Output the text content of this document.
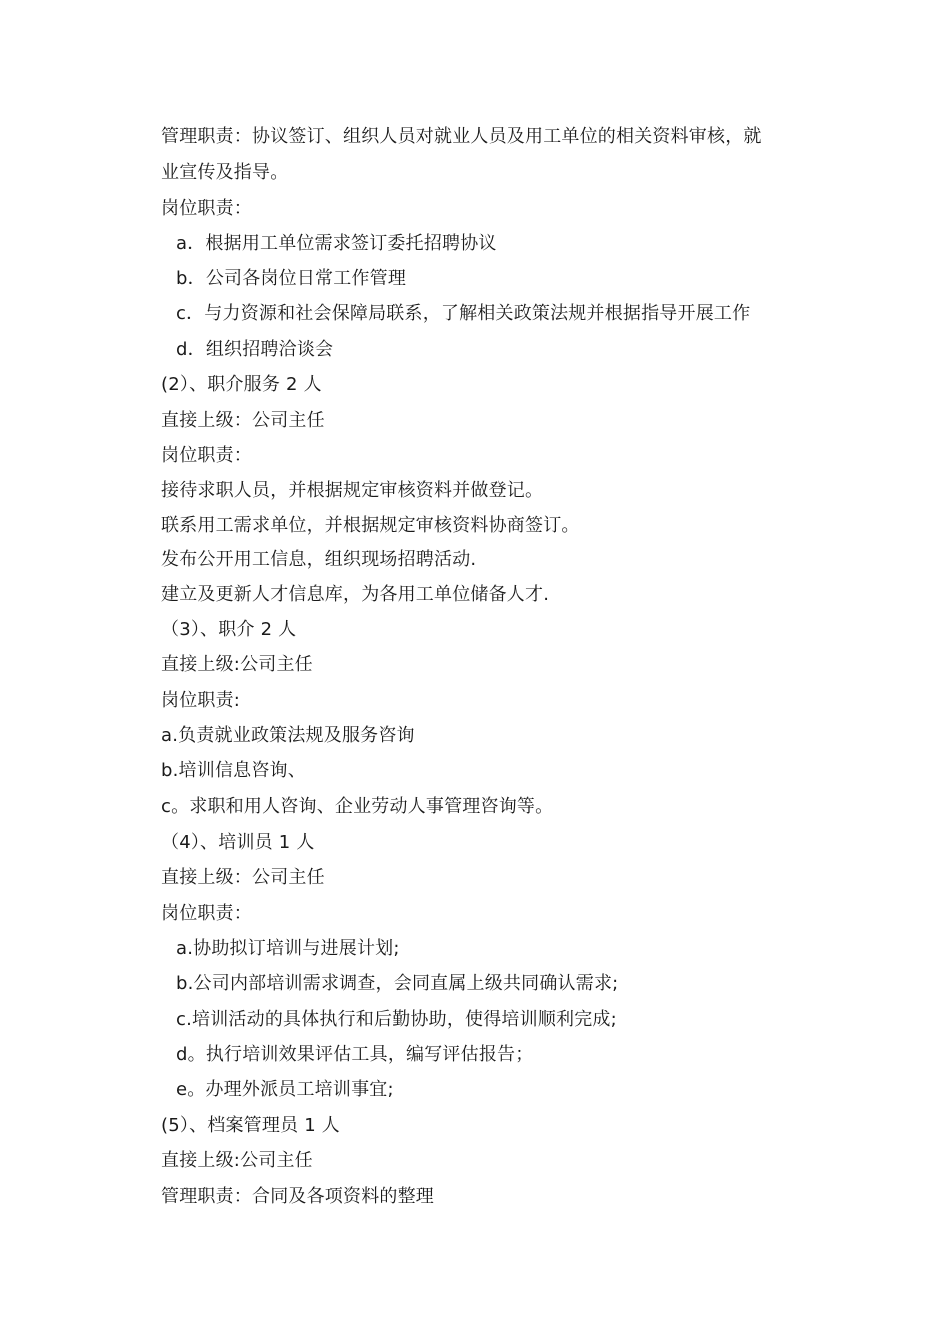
管理职责：协议签订、组织人员对就业人员及用工单位的相关资料审核，就
业宣传及指导。
岗位职责：
a．根据用工单位需求签订委托招聘协议
b．公司各岗位日常工作管理
c．与力资源和社会保障局联系，了解相关政策法规并根据指导开展工作
d．组织招聘洽谈会
(2）、职介服务 2 人
直接上级：公司主任
岗位职责：
接待求职人员，并根据规定审核资料并做登记。
联系用工需求单位，并根据规定审核资料协商签订。
发布公开用工信息，组织现场招聘活动.
建立及更新人才信息库，为各用工单位储备人才.
（3）、职介 2 人
直接上级:公司主任
岗位职责:
a.负责就业政策法规及服务咨询
b.培训信息咨询、
c。求职和用人咨询、企业劳动人事管理咨询等。
（4）、培训员 1 人
直接上级：公司主任
岗位职责：
a.协助拟订培训与进展计划;
b.公司内部培训需求调查，会同直属上级共同确认需求;
c.培训活动的具体执行和后勤协助，使得培训顺利完成;
d。执行培训效果评估工具，编写评估报告；
e。办理外派员工培训事宜;
(5）、档案管理员 1 人
直接上级:公司主任
管理职责：合同及各项资料的整理
